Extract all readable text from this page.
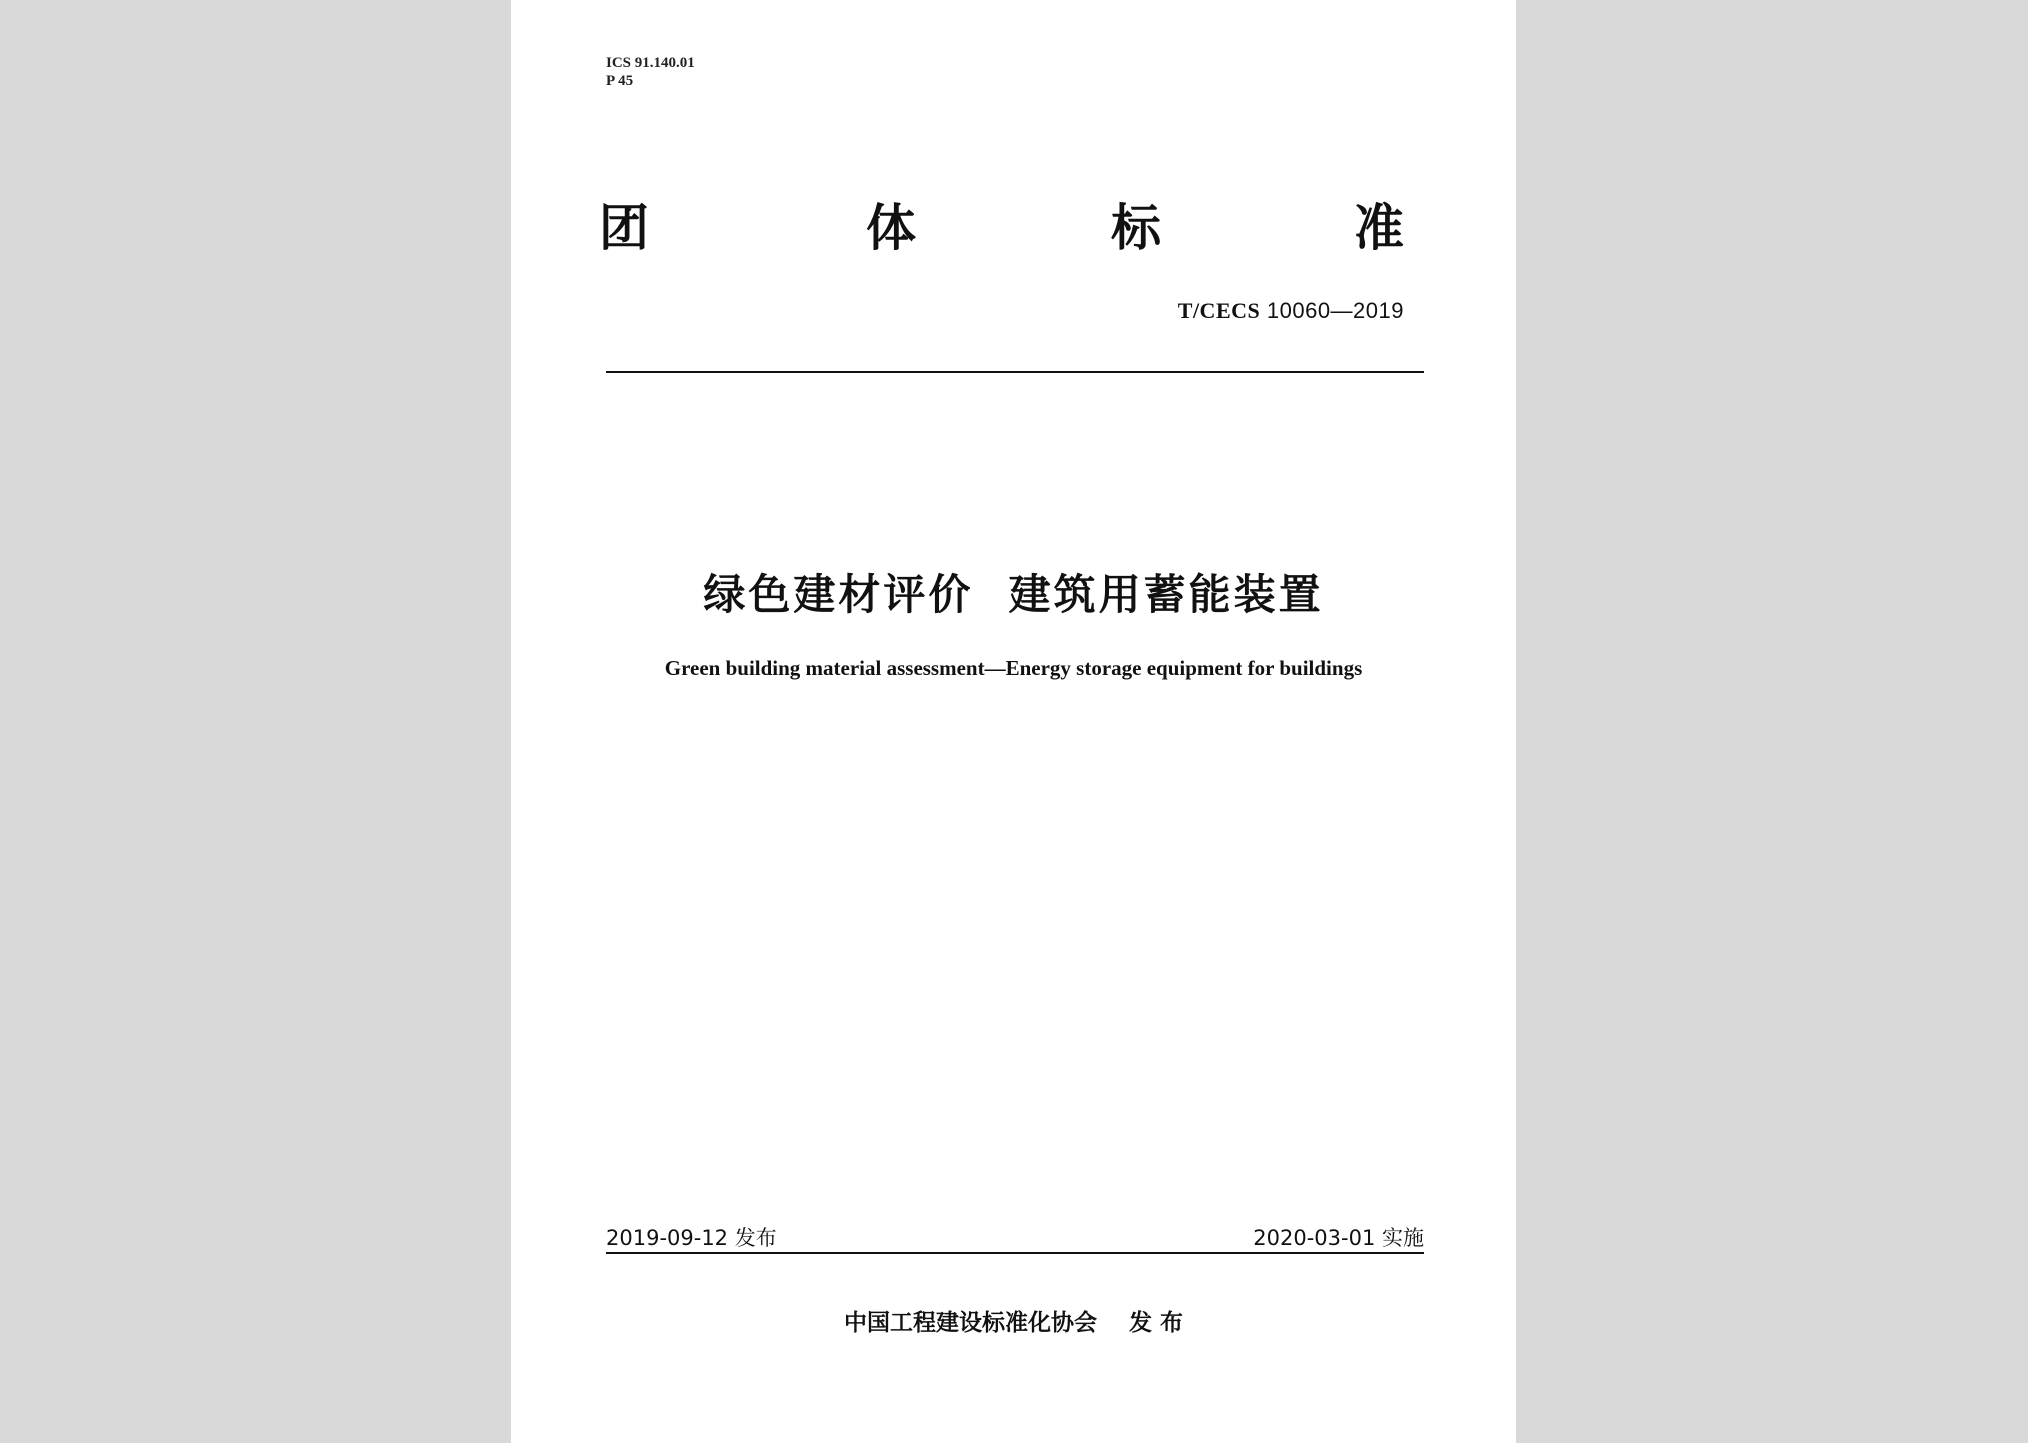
ICS 91.140.01
P 45
团	体	标	准
T/CECS 10060—2019
绿色建材评价  建筑用蓄能装置
Green building material assessment—Energy storage equipment for buildings
2019-09-12 发布	2020-03-01 实施
中国工程建设标准化协会    发 布
